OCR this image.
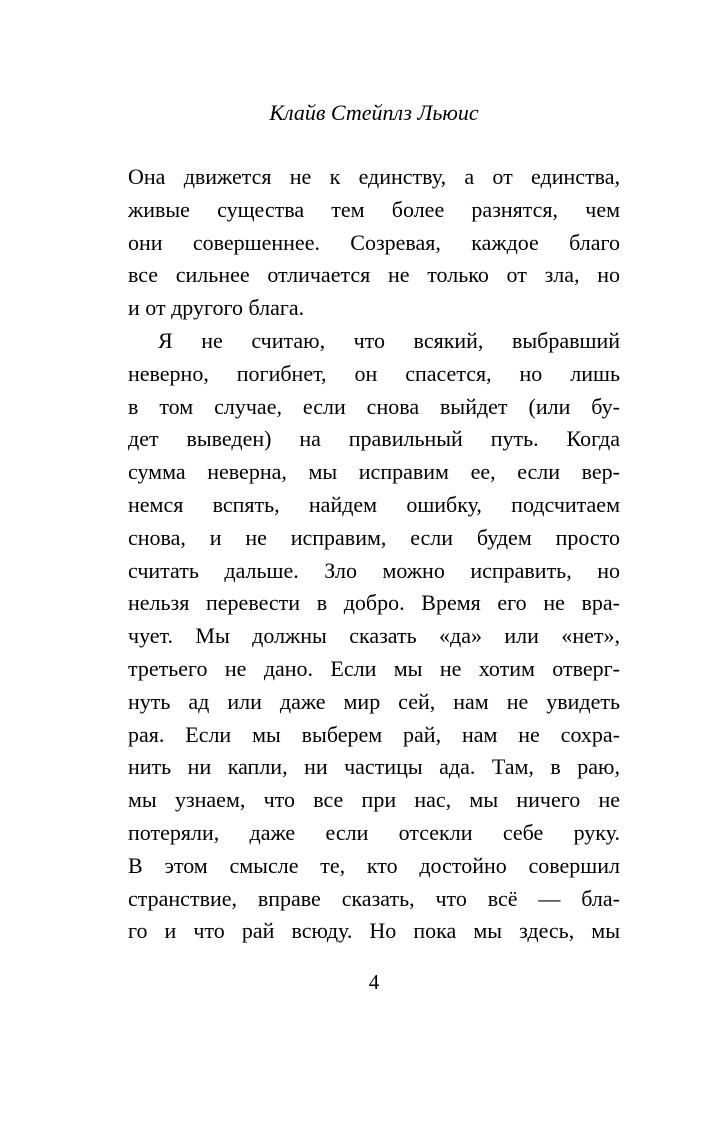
Клайв Стейплз Льюис
Она движется не к единству, а от единства,
живые существа тем более разнятся, чем
они совершеннее. Созревая, каждое благо
все сильнее отличается не только от зла, но
и от другого блага.
Я не считаю, что всякий, выбравший
неверно, погибнет, он спасется, но лишь
в том случае, если снова выйдет (или бу-
дет выведен) на правильный путь. Когда
сумма неверна, мы исправим ее, если вер-
немся вспять, найдем ошибку, подсчитаем
снова, и не исправим, если будем просто
считать дальше. Зло можно исправить, но
нельзя перевести в добро. Время его не вра-
чует. Мы должны сказать «да» или «нет»,
третьего не дано. Если мы не хотим отверг-
нуть ад или даже мир сей, нам не увидеть
рая. Если мы выберем рай, нам не сохра-
нить ни капли, ни частицы ада. Там, в раю,
мы узнаем, что все при нас, мы ничего не
потеряли, даже если отсекли себе руку.
В этом смысле те, кто достойно совершил
странствие, вправе сказать, что всё — бла-
го и что рай всюду. Но пока мы здесь, мы
4
